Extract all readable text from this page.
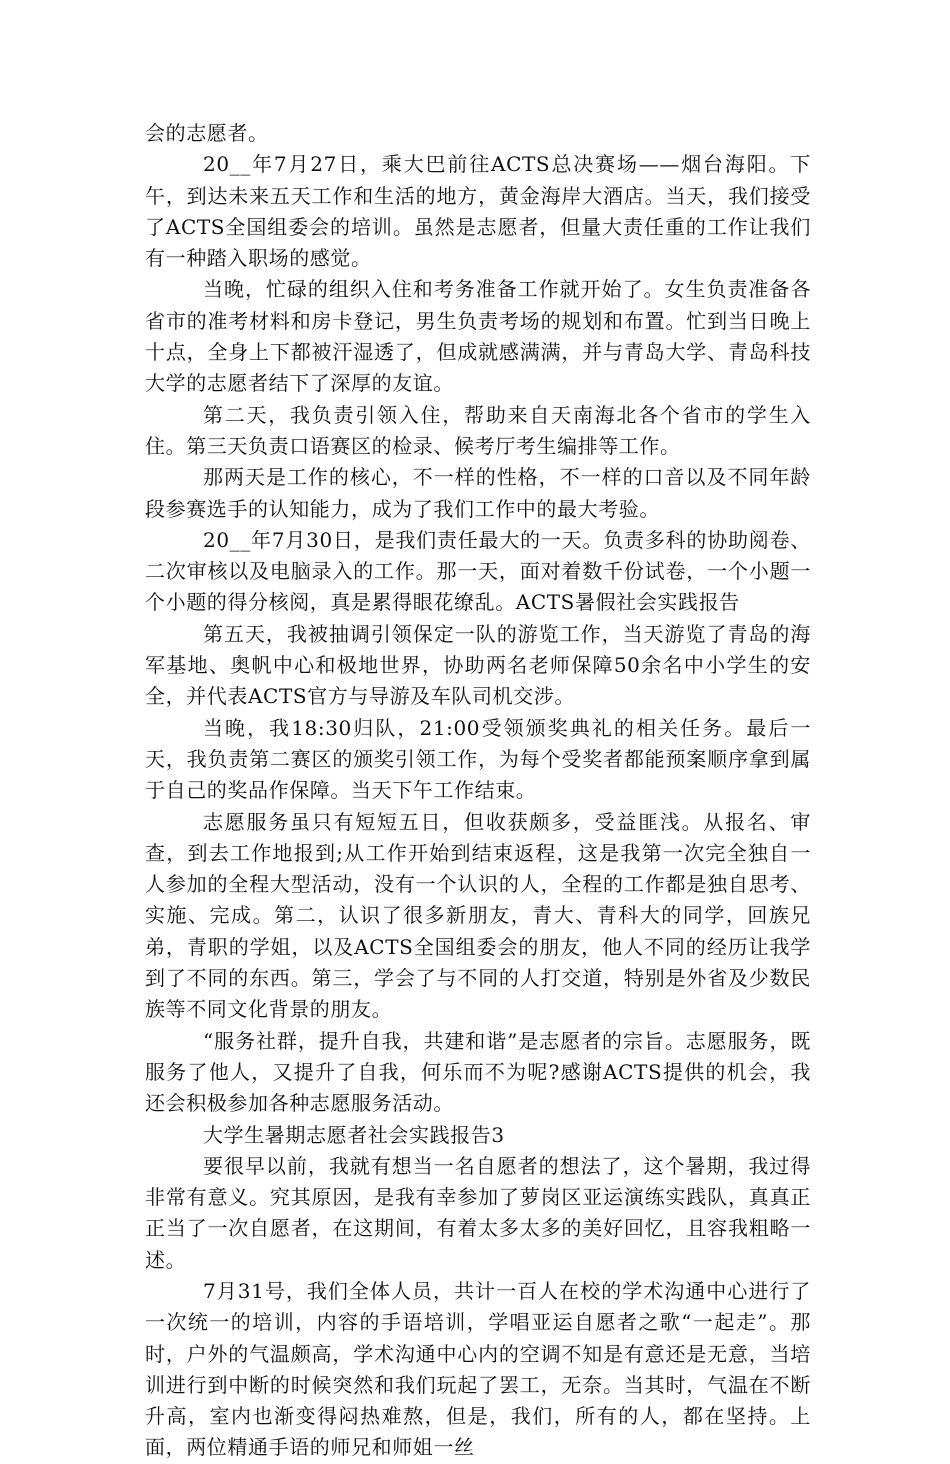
会的志愿者。

20__年7月27日，乘大巴前往ACTS总决赛场——烟台海阳。下午，到达未来五天工作和生活的地方，黄金海岸大酒店。当天，我们接受了ACTS全国组委会的培训。虽然是志愿者，但量大责任重的工作让我们有一种踏入职场的感觉。

当晚，忙碌的组织入住和考务准备工作就开始了。女生负责准备各省市的准考材料和房卡登记，男生负责考场的规划和布置。忙到当日晚上十点，全身上下都被汗湿透了，但成就感满满，并与青岛大学、青岛科技大学的志愿者结下了深厚的友谊。

第二天，我负责引领入住，帮助来自天南海北各个省市的学生入住。第三天负责口语赛区的检录、候考厅考生编排等工作。

那两天是工作的核心，不一样的性格，不一样的口音以及不同年龄段参赛选手的认知能力，成为了我们工作中的最大考验。

20__年7月30日，是我们责任最大的一天。负责多科的协助阅卷、二次审核以及电脑录入的工作。那一天，面对着数千份试卷，一个小题一个小题的得分核阅，真是累得眼花缭乱。ACTS暑假社会实践报告

第五天，我被抽调引领保定一队的游览工作，当天游览了青岛的海军基地、奥帆中心和极地世界，协助两名老师保障50余名中小学生的安全，并代表ACTS官方与导游及车队司机交涉。

当晚，我18:30归队，21:00受领颁奖典礼的相关任务。最后一天，我负责第二赛区的颁奖引领工作，为每个受奖者都能预案顺序拿到属于自己的奖品作保障。当天下午工作结束。

志愿服务虽只有短短五日，但收获颇多，受益匪浅。从报名、审查，到去工作地报到;从工作开始到结束返程，这是我第一次完全独自一人参加的全程大型活动，没有一个认识的人，全程的工作都是独自思考、实施、完成。第二，认识了很多新朋友，青大、青科大的同学，回族兄弟，青职的学姐，以及ACTS全国组委会的朋友，他人不同的经历让我学到了不同的东西。第三，学会了与不同的人打交道，特别是外省及少数民族等不同文化背景的朋友。

“服务社群，提升自我，共建和谐”是志愿者的宗旨。志愿服务，既服务了他人，又提升了自我，何乐而不为呢?感谢ACTS提供的机会，我还会积极参加各种志愿服务活动。

大学生暑期志愿者社会实践报告3

要很早以前，我就有想当一名自愿者的想法了，这个暑期，我过得非常有意义。究其原因，是我有幸参加了萝岗区亚运演练实践队，真真正正当了一次自愿者，在这期间，有着太多太多的美好回忆，且容我粗略一述。

7月31号，我们全体人员，共计一百人在校的学术沟通中心进行了一次统一的培训，内容的手语培训，学唱亚运自愿者之歌“一起走”。那时，户外的气温颇高，学术沟通中心内的空调不知是有意还是无意，当培训进行到中断的时候突然和我们玩起了罢工，无奈。当其时，气温在不断升高，室内也渐变得闷热难熬，但是，我们，所有的人，都在坚持。上面，两位精通手语的师兄和师姐一丝
